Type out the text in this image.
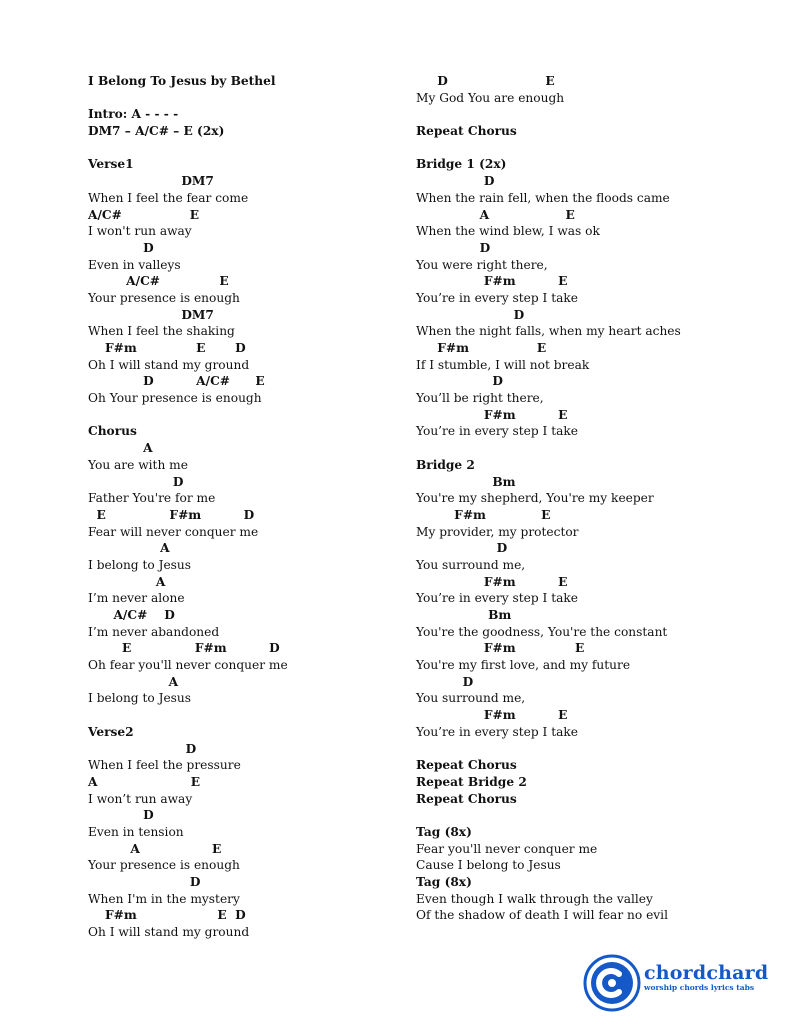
I Belong To Jesus by Bethel
Intro: A - - - -
DM7 – A/C# – E (2x)
Verse1
DM7
When I feel the fear come
A/C#                E
I won't run away
D
Even in valleys
A/C#              E
Your presence is enough
DM7
When I feel the shaking
F#m              E       D
Oh I will stand my ground
D          A/C#      E
Oh Your presence is enough
Chorus
A
You are with me
D
Father You're for me
E               F#m          D
Fear will never conquer me
A
I belong to Jesus
A
I’m never alone
A/C#    D
I’m never abandoned
E               F#m          D
Oh fear you'll never conquer me
A
I belong to Jesus
Verse2
D
When I feel the pressure
A                      E
I won’t run away
D
Even in tension
A                 E
Your presence is enough
D
When I'm in the mystery
F#m                   E  D
Oh I will stand my ground
D                       E
My God You are enough
Repeat Chorus
Bridge 1 (2x)
D
When the rain fell, when the floods came
A                  E
When the wind blew, I was ok
D
You were right there,
F#m          E
You’re in every step I take
D
When the night falls, when my heart aches
F#m                E
If I stumble, I will not break
D
You’ll be right there,
F#m          E
You’re in every step I take
Bridge 2
Bm
You're my shepherd, You're my keeper
F#m             E
My provider, my protector
D
You surround me,
F#m          E
You’re in every step I take
Bm
You're the goodness, You're the constant
F#m              E
You're my first love, and my future
D
You surround me,
F#m          E
You’re in every step I take
Repeat Chorus
Repeat Bridge 2
Repeat Chorus
Tag (8x)
Fear you'll never conquer me
Cause I belong to Jesus
Tag (8x)
Even though I walk through the valley
Of the shadow of death I will fear no evil
chordchard
worship chords lyrics tabs
